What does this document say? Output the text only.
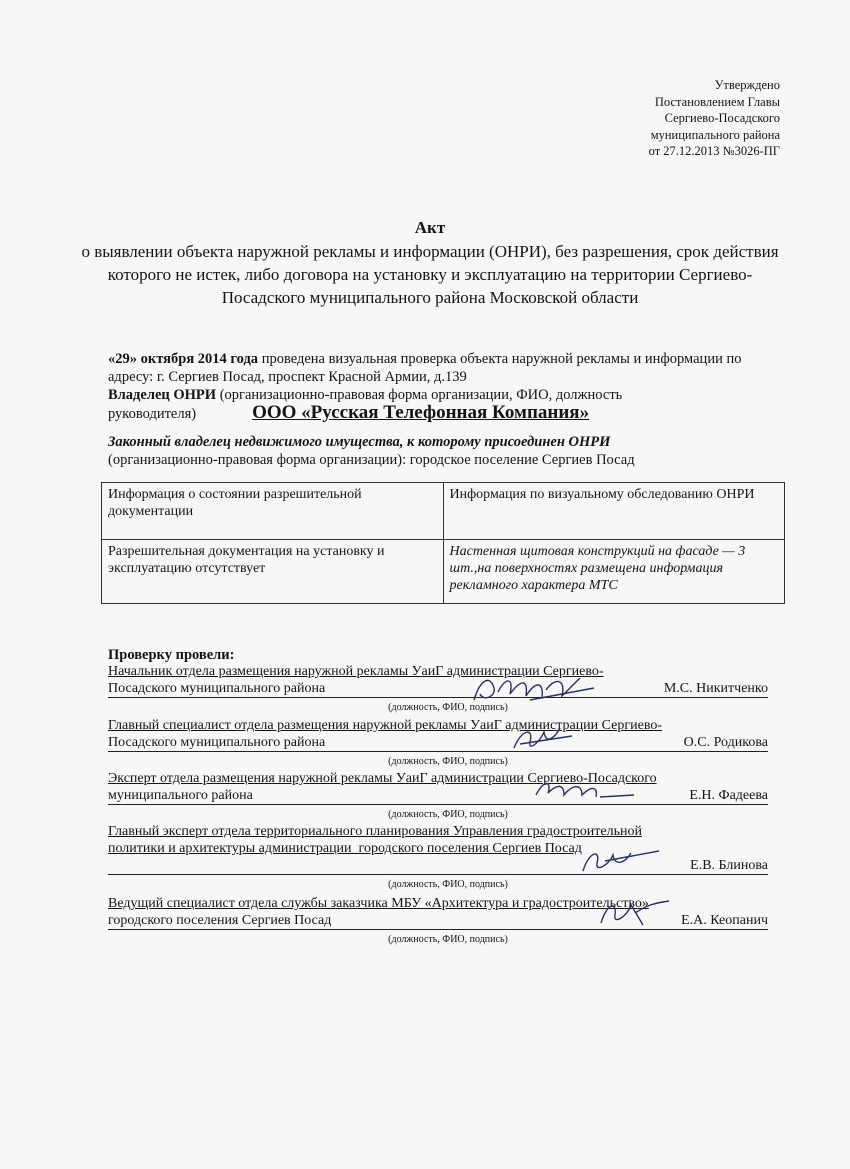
Утверждено
Постановлением Главы
Сергиево-Посадского
муниципального района
от 27.12.2013 №3026-ПГ
Акт
о выявлении объекта наружной рекламы и информации (ОНРИ), без разрешения, срок действия которого не истек, либо договора на установку и эксплуатацию на территории Сергиево-Посадского муниципального района Московской области
«29» октября 2014 года проведена визуальная проверка объекта наружной рекламы и информации по адресу: г. Сергиев Посад, проспект Красной Армии, д.139
Владелец ОНРИ (организационно-правовая форма организации, ФИО, должность руководителя)	ООО «Русская Телефонная Компания»
Законный владелец недвижимого имущества, к которому присоединен ОНРИ
(организационно-правовая форма организации): городское поселение Сергиев Посад
Информация о состоянии разрешительной документации	Информация по визуальному обследованию ОНРИ
Разрешительная документация на установку и эксплуатацию отсутствует	Настенная щитовая конструкций на фасаде — 3 шт.,на поверхностях размещена информация рекламного характера МТС
Проверку провели:
Начальник отдела размещения наружной рекламы УаиГ администрации Сергиево-
Посадского муниципального района	М.С. Никитченко
(должность, ФИО, подпись)
Главный специалист отдела размещения наружной рекламы УаиГ администрации Сергиево-
Посадского муниципального района	О.С. Родикова
(должность, ФИО, подпись)
Эксперт отдела размещения наружной рекламы УаиГ администрации Сергиево-Посадского
муниципального района	Е.Н. Фадеева
(должность, ФИО, подпись)
Главный эксперт отдела территориального планирования Управления градостроительной
политики и архитектуры администрации_городского поселения Сергиев Посад
Е.В. Блинова
(должность, ФИО, подпись)
Ведущий специалист отдела службы заказчика МБУ «Архитектура и градостроительство»
городского поселения Сергиев Посад	Е.А. Кеопанич
(должность, ФИО, подпись)
